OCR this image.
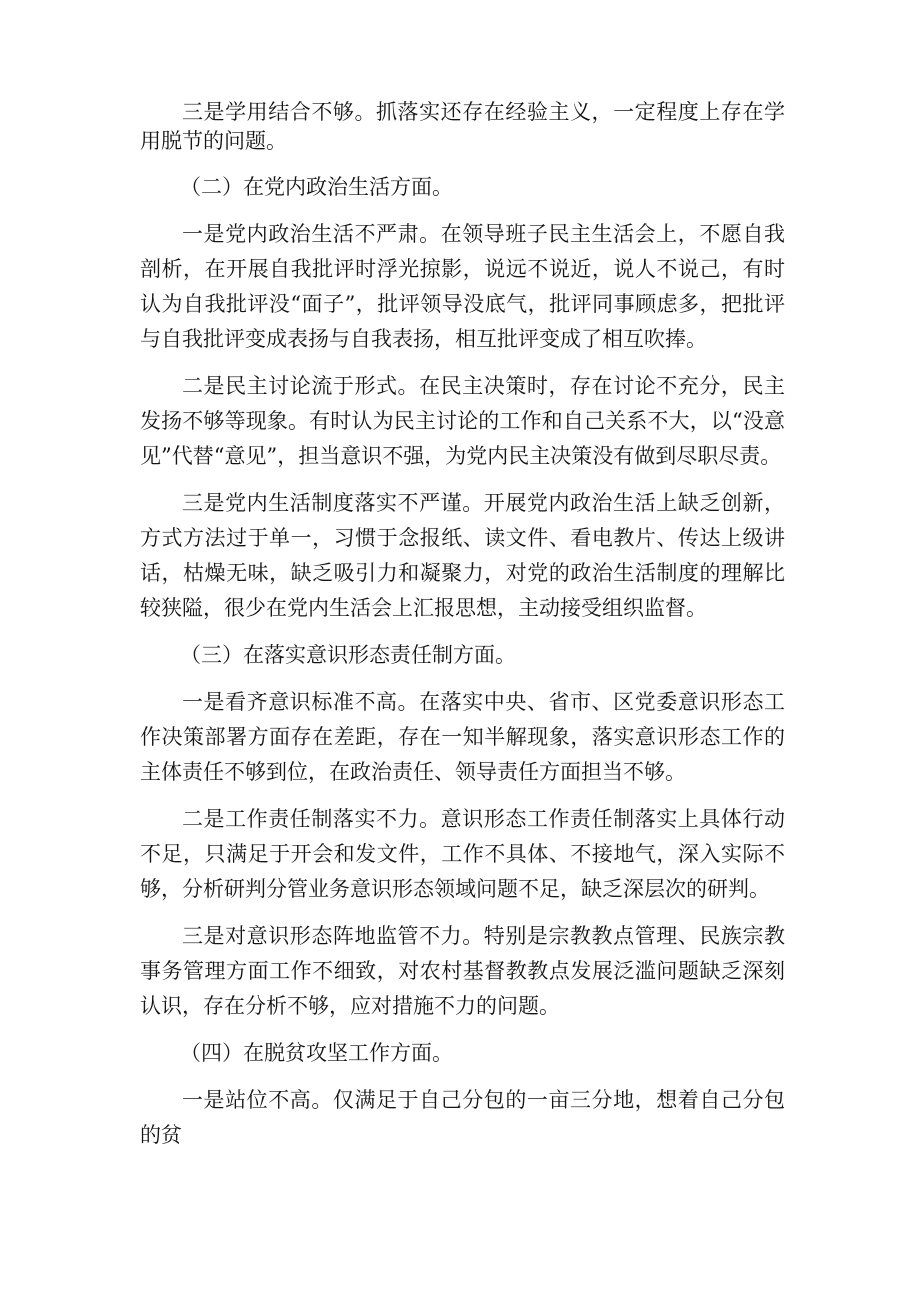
三是学用结合不够。抓落实还存在经验主义，一定程度上存在学用脱节的问题。

（二）在党内政治生活方面。

一是党内政治生活不严肃。在领导班子民主生活会上，不愿自我剖析，在开展自我批评时浮光掠影，说远不说近，说人不说己，有时认为自我批评没“面子”，批评领导没底气，批评同事顾虑多，把批评与自我批评变成表扬与自我表扬，相互批评变成了相互吹捧。

二是民主讨论流于形式。在民主决策时，存在讨论不充分，民主发扬不够等现象。有时认为民主讨论的工作和自己关系不大，以“没意见”代替“意见”，担当意识不强，为党内民主决策没有做到尽职尽责。

三是党内生活制度落实不严谨。开展党内政治生活上缺乏创新，方式方法过于单一，习惯于念报纸、读文件、看电教片、传达上级讲话，枯燥无味，缺乏吸引力和凝聚力，对党的政治生活制度的理解比较狭隘，很少在党内生活会上汇报思想，主动接受组织监督。

（三）在落实意识形态责任制方面。

一是看齐意识标准不高。在落实中央、省市、区党委意识形态工作决策部署方面存在差距，存在一知半解现象，落实意识形态工作的主体责任不够到位，在政治责任、领导责任方面担当不够。

二是工作责任制落实不力。意识形态工作责任制落实上具体行动不足，只满足于开会和发文件，工作不具体、不接地气，深入实际不够，分析研判分管业务意识形态领域问题不足，缺乏深层次的研判。

三是对意识形态阵地监管不力。特别是宗教教点管理、民族宗教事务管理方面工作不细致，对农村基督教教点发展泛滥问题缺乏深刻认识，存在分析不够，应对措施不力的问题。

（四）在脱贫攻坚工作方面。

一是站位不高。仅满足于自己分包的一亩三分地，想着自己分包的贫
